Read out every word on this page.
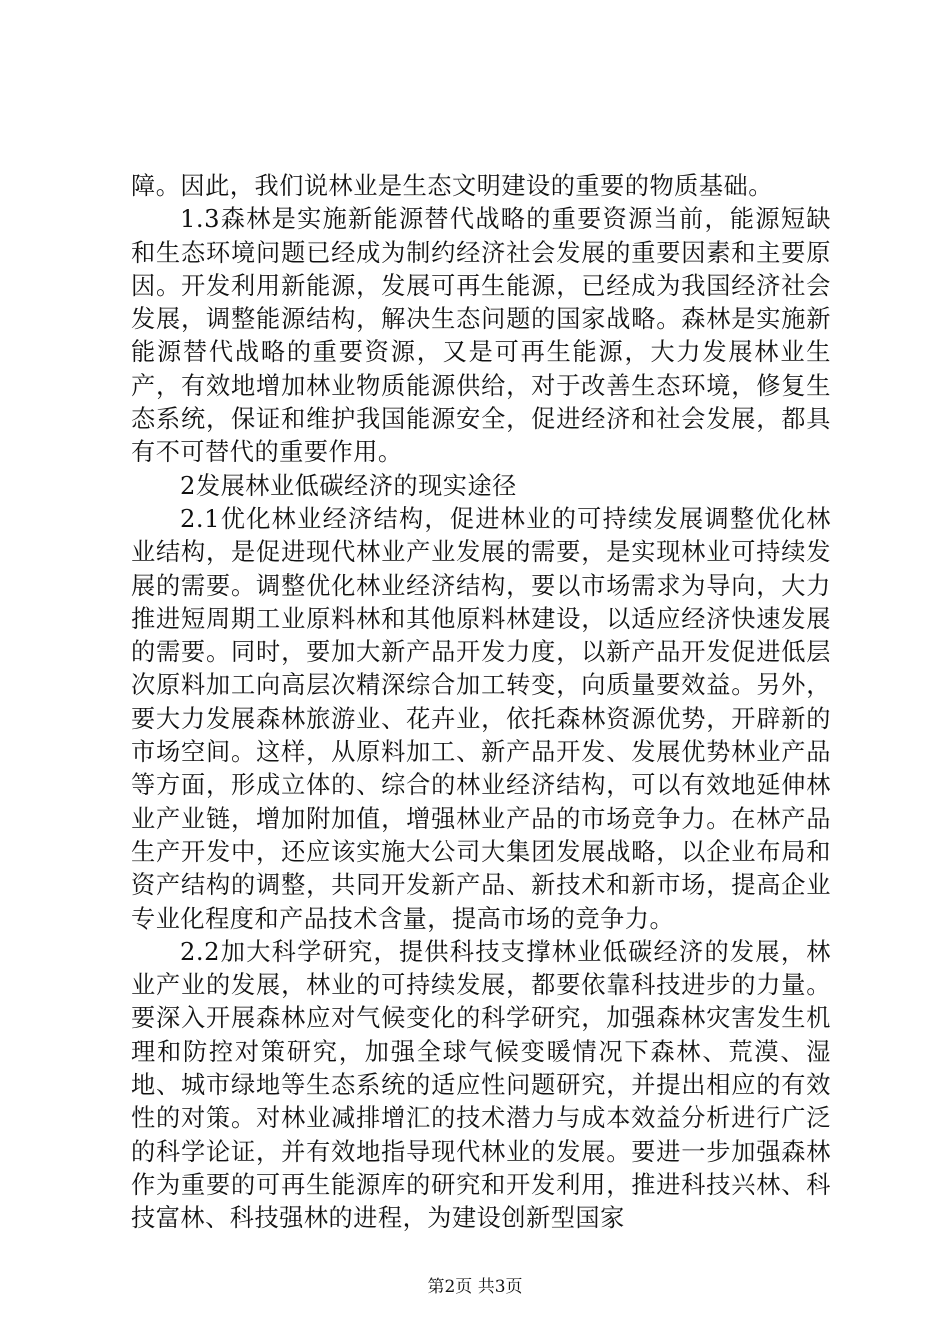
障。因此，我们说林业是生态文明建设的重要的物质基础。

1.3森林是实施新能源替代战略的重要资源当前，能源短缺和生态环境问题已经成为制约经济社会发展的重要因素和主要原因。开发利用新能源，发展可再生能源，已经成为我国经济社会发展，调整能源结构，解决生态问题的国家战略。森林是实施新能源替代战略的重要资源，又是可再生能源，大力发展林业生产，有效地增加林业物质能源供给，对于改善生态环境，修复生态系统，保证和维护我国能源安全，促进经济和社会发展，都具有不可替代的重要作用。

2发展林业低碳经济的现实途径

2.1优化林业经济结构，促进林业的可持续发展调整优化林业结构，是促进现代林业产业发展的需要，是实现林业可持续发展的需要。调整优化林业经济结构，要以市场需求为导向，大力推进短周期工业原料林和其他原料林建设，以适应经济快速发展的需要。同时，要加大新产品开发力度，以新产品开发促进低层次原料加工向高层次精深综合加工转变，向质量要效益。另外，要大力发展森林旅游业、花卉业，依托森林资源优势，开辟新的市场空间。这样，从原料加工、新产品开发、发展优势林业产品等方面，形成立体的、综合的林业经济结构，可以有效地延伸林业产业链，增加附加值，增强林业产品的市场竞争力。在林产品生产开发中，还应该实施大公司大集团发展战略，以企业布局和资产结构的调整，共同开发新产品、新技术和新市场，提高企业专业化程度和产品技术含量，提高市场的竞争力。

2.2加大科学研究，提供科技支撑林业低碳经济的发展，林业产业的发展，林业的可持续发展，都要依靠科技进步的力量。要深入开展森林应对气候变化的科学研究，加强森林灾害发生机理和防控对策研究，加强全球气候变暖情况下森林、荒漠、湿地、城市绿地等生态系统的适应性问题研究，并提出相应的有效性的对策。对林业减排增汇的技术潜力与成本效益分析进行广泛的科学论证，并有效地指导现代林业的发展。要进一步加强森林作为重要的可再生能源库的研究和开发利用，推进科技兴林、科技富林、科技强林的进程，为建设创新型国家

第2页 共3页
